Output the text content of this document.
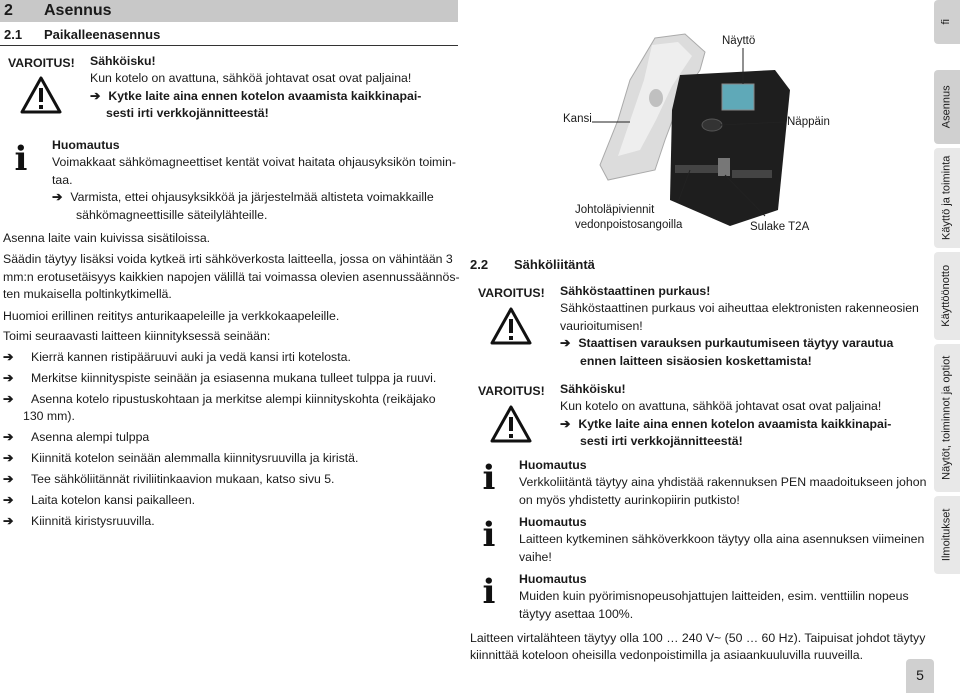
2	Asennus
2.1	Paikalleenasennus
VAROITUS!	Sähköisku!
Kun kotelo on avattuna, sähköä johtavat osat ovat paljaina!
➔ Kytke laite aina ennen kotelon avaamista kaikkinapai-
sesti irti verkkojännitteestä!
i	Huomautus
Voimakkaat sähkömagneettiset kentät voivat haitata ohjausyksikön toimin-
taa.
➔ Varmista, ettei ohjausyksikköä ja järjestelmää altisteta voimakkaille
sähkömagneettisille säteilylähteille.
Asenna laite vain kuivissa sisätiloissa.
Säädin täytyy lisäksi voida kytkeä irti sähköverkosta laitteella, jossa on vähintään 3
mm:n erotusetäisyys kaikkien napojen välillä tai voimassa olevien asennussäännös-
ten mukaisella poltinkytkimellä.
Huomioi erillinen reititys anturikaapeleille ja verkkokaapeleille.
Toimi seuraavasti laitteen kiinnityksessä seinään:
➔	Kierrä kannen ristipääruuvi auki ja vedä kansi irti kotelosta.
➔	Merkitse kiinnityspiste seinään ja esiasenna mukana tulleet tulppa ja ruuvi.
➔	Asenna kotelo ripustuskohtaan ja merkitse alempi kiinnityskohta (reikäjako
130 mm).
➔	Asenna alempi tulppa
➔	Kiinnitä kotelon seinään alemmalla kiinnitysruuvilla ja kiristä.
➔	Tee sähköliitännät riviliitinkaavion mukaan, katso sivu 5.
➔	Laita kotelon kansi paikalleen.
➔	Kiinnitä kiristysruuvilla.
Näyttö
Kansi	Näppäin
Johtoläpiviennit
vedonpoistosangoilla	Sulake T2A
2.2	Sähköliitäntä
VAROITUS!	Sähköstaattinen purkaus!
Sähköstaattinen purkaus voi aiheuttaa elektronisten rakenneosien
vaurioitumisen!
➔ Staattisen varauksen purkautumiseen täytyy varautua
ennen laitteen sisäosien koskettamista!
VAROITUS!	Sähköisku!
Kun kotelo on avattuna, sähköä johtavat osat ovat paljaina!
➔ Kytke laite aina ennen kotelon avaamista kaikkinapai-
sesti irti verkkojännitteestä!
i	Huomautus
Verkkoliitäntä täytyy aina yhdistää rakennuksen PEN maadoitukseen johon
on myös yhdistetty aurinkopiirin putkisto!
i	Huomautus
Laitteen kytkeminen sähköverkkoon täytyy olla aina asennuksen viimeinen
vaihe!
i	Huomautus
Muiden kuin pyörimisnopeusohjattujen laitteiden, esim. venttiilin nopeus
täytyy asettaa 100%.
Laitteen virtalähteen täytyy olla 100 … 240 V~ (50 … 60 Hz). Taipuisat johdot täytyy
kiinnittää koteloon oheisilla vedonpoistimilla ja asiaankuuluvilla ruuveilla.
fi
Asennus
Käyttö ja toiminta
Käyttöönotto
Näytöt, toiminnot ja optiot
Ilmoitukset
5
